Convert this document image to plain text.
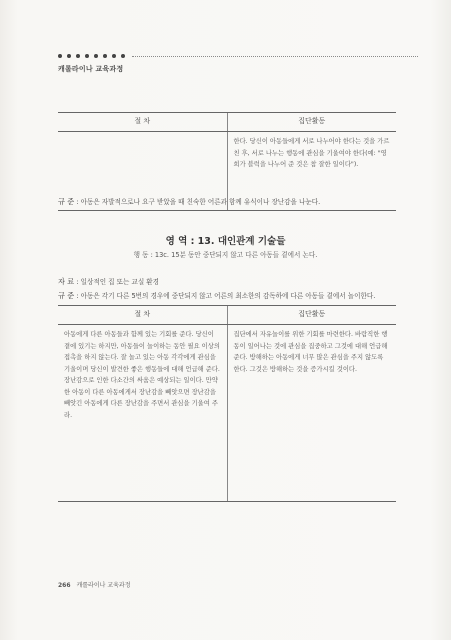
캐롤라이나 교육과정
절 차	집단활동
	한다. 당신이 아동들에게 서로 나누어야 한다는 것을 가르친 후, 서로 나누는 행동에 관심을 기울여야 한다(예: "영희가 블럭을 나누어 준 것은 참 잘한 일이다").
규 준 : 아동은 자발적으로나 요구 받았을 때 친숙한 어른과 함께 유식이나 장난감을 나눈다.
영 역 : 13. 대인관계 기술들
행 동 : 13c. 15분 동안 중단되지 않고 다른 아동들 곁에서 논다.
자 료 : 일상적인 집 또는 교실 환경
규 준 : 아동은 각기 다른 5번의 경우에 중단되지 않고 어른의 최소한의 감독하에 다른 아동들 곁에서 놀이한다.
절 차	집단활동
아동에게 다른 아동들과 함께 있는 기회를 준다. 당신이 곁에 있기는 하지만, 아동들이 놀이하는 동안 필요 이상의 접촉을 하지 않는다. 잘 놀고 있는 아동 각각에게 관심을 기울이며 당신이 발견한 좋은 행동들에 대해 언급해 준다. 장난감으로 인한 다소간의 싸움은 예상되는 일이다. 만약 한 아동이 다른 아동에게서 장난감을 빼앗으면 장난감을 빼앗긴 아동에게 다른 장난감을 주면서 관심을 기울여 주라.	집단에서 자유놀이를 위한 기회를 마련한다. 바람직한 행동이 일어나는 것에 관심을 집중하고 그것에 대해 언급해 준다. 방해하는 아동에게 너무 많은 관심을 주지 않도록 한다. 그것은 방해하는 것을 증가시킬 것이다.
266 캐롤라이나 교육과정
